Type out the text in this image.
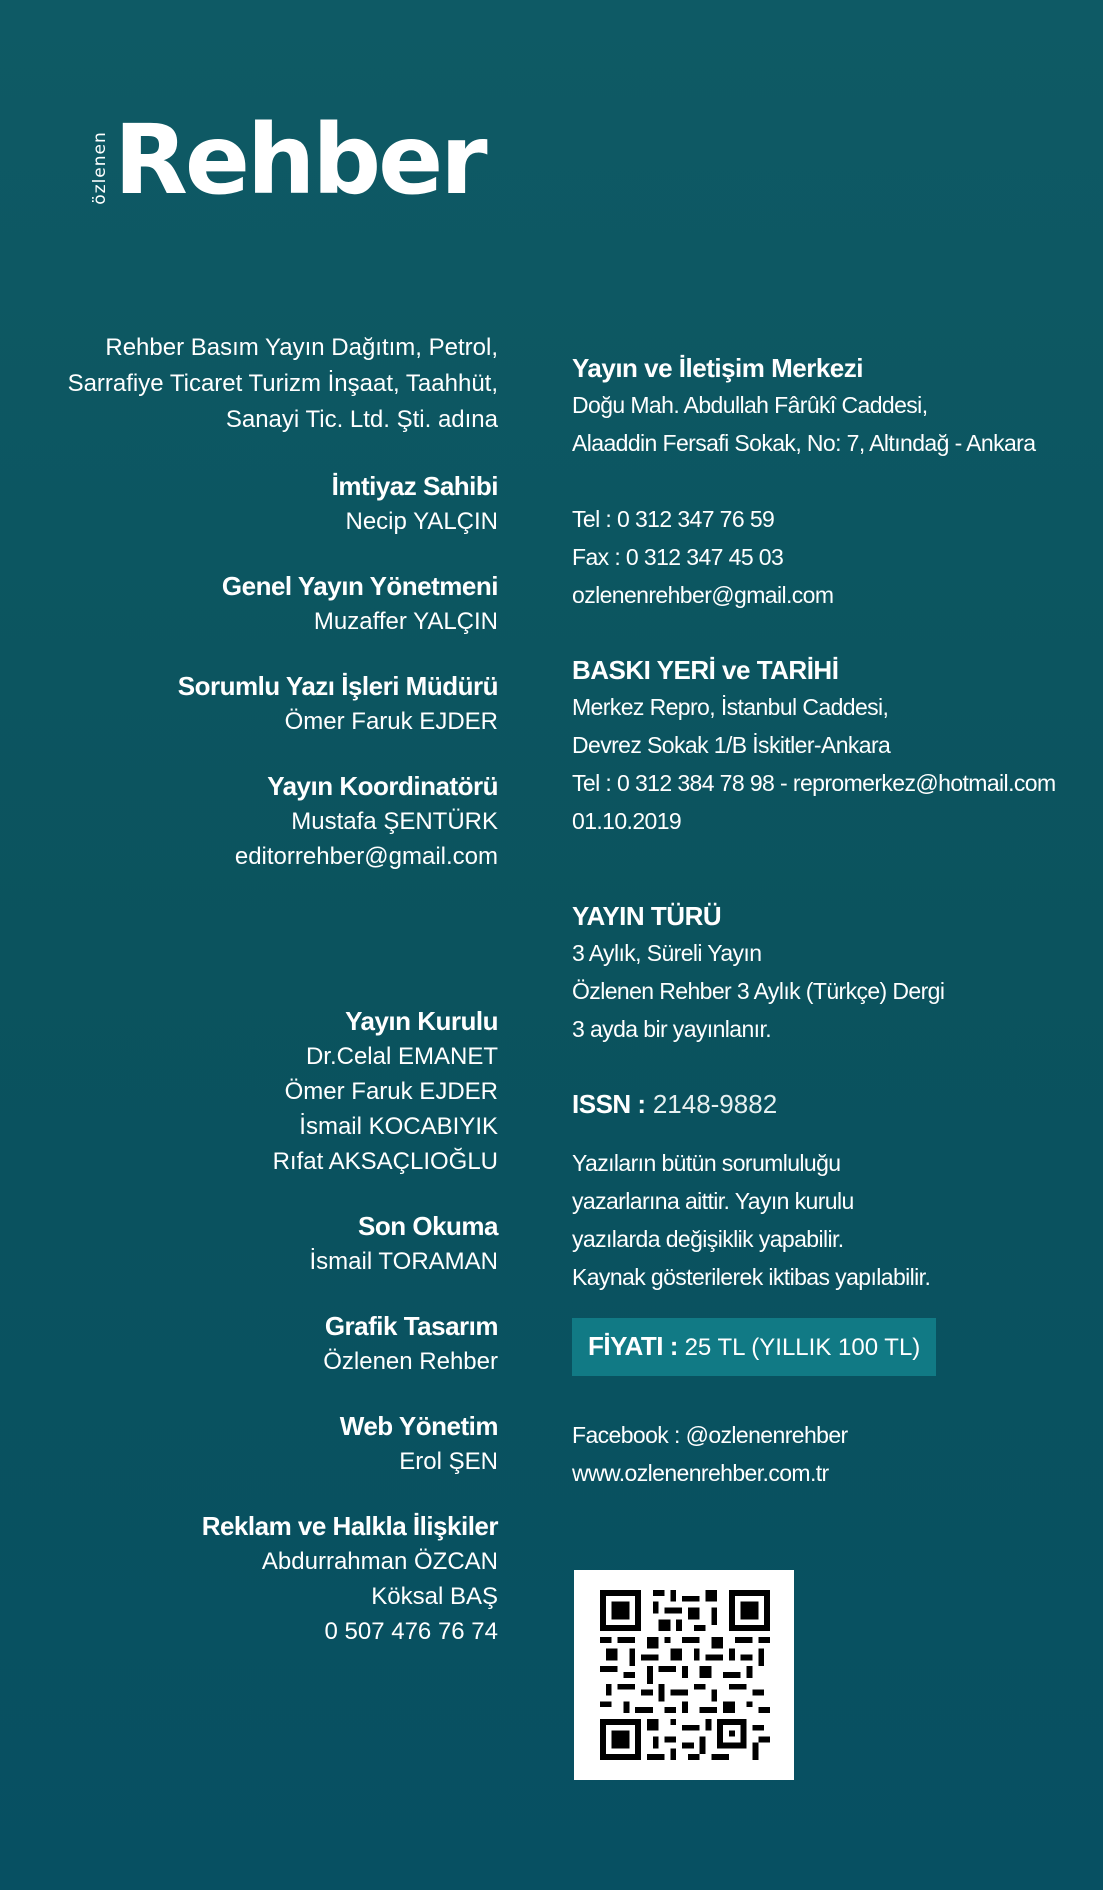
özlenen Rehber
Rehber Basım Yayın Dağıtım, Petrol,
Sarrafiye Ticaret Turizm İnşaat, Taahhüt,
Sanayi Tic. Ltd. Şti. adına
İmtiyaz Sahibi
Necip YALÇIN
Genel Yayın Yönetmeni
Muzaffer YALÇIN
Sorumlu Yazı İşleri Müdürü
Ömer Faruk EJDER
Yayın Koordinatörü
Mustafa ŞENTÜRK
editorrehber@gmail.com
Yayın Kurulu
Dr.Celal EMANET
Ömer Faruk EJDER
İsmail KOCABIYIK
Rıfat AKSAÇLIOĞLU
Son Okuma
İsmail TORAMAN
Grafik Tasarım
Özlenen Rehber
Web Yönetim
Erol ŞEN
Reklam ve Halkla İlişkiler
Abdurrahman ÖZCAN
Köksal BAŞ
0 507 476 76 74
Yayın ve İletişim Merkezi
Doğu Mah. Abdullah Fârûkî Caddesi,
Alaaddin Fersafi Sokak, No: 7, Altındağ - Ankara
Tel : 0 312 347 76 59
Fax : 0 312 347 45 03
ozlenenrehber@gmail.com
BASKI YERİ ve TARİHİ
Merkez Repro, İstanbul Caddesi,
Devrez Sokak 1/B İskitler-Ankara
Tel : 0 312 384 78 98 - repromerkez@hotmail.com
01.10.2019
YAYIN TÜRÜ
3 Aylık, Süreli Yayın
Özlenen Rehber 3 Aylık (Türkçe) Dergi
3 ayda bir yayınlanır.
ISSN : 2148-9882
Yazıların bütün sorumluluğu
yazarlarına aittir. Yayın kurulu
yazılarda değişiklik yapabilir.
Kaynak gösterilerek iktibas yapılabilir.
FİYATI : 25 TL (YILLIK 100 TL)
Facebook : @ozlenenrehber
www.ozlenenrehber.com.tr
